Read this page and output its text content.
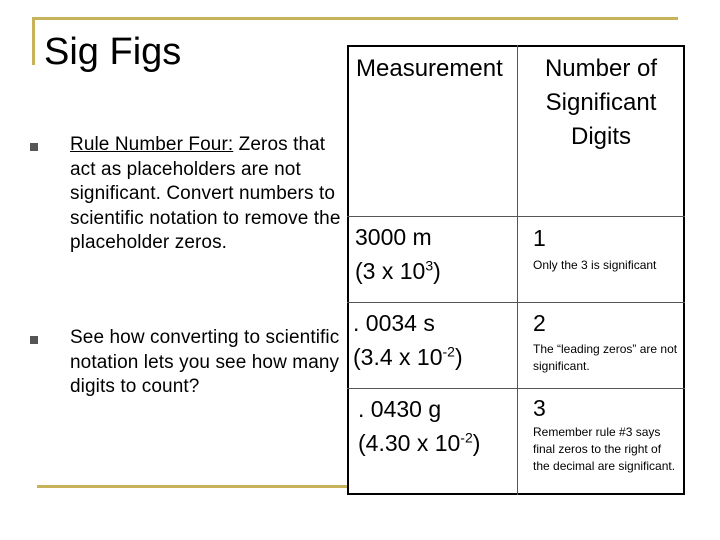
Sig Figs
Rule Number Four: Zeros that act as placeholders are not significant. Convert numbers to scientific notation to remove the placeholder zeros.
See how converting to scientific notation lets you see how many digits to count?
Measurement	Number of Significant Digits
3000 m
(3 x $10^3$)
1
Only the 3 is significant
. 0034 s
(3.4 x $10^{-2}$)
2
The “leading zeros” are not significant.
. 0430 g
(4.30 x $10^{-2}$)
3
Remember rule #3 says final zeros to the right of the decimal are significant.
